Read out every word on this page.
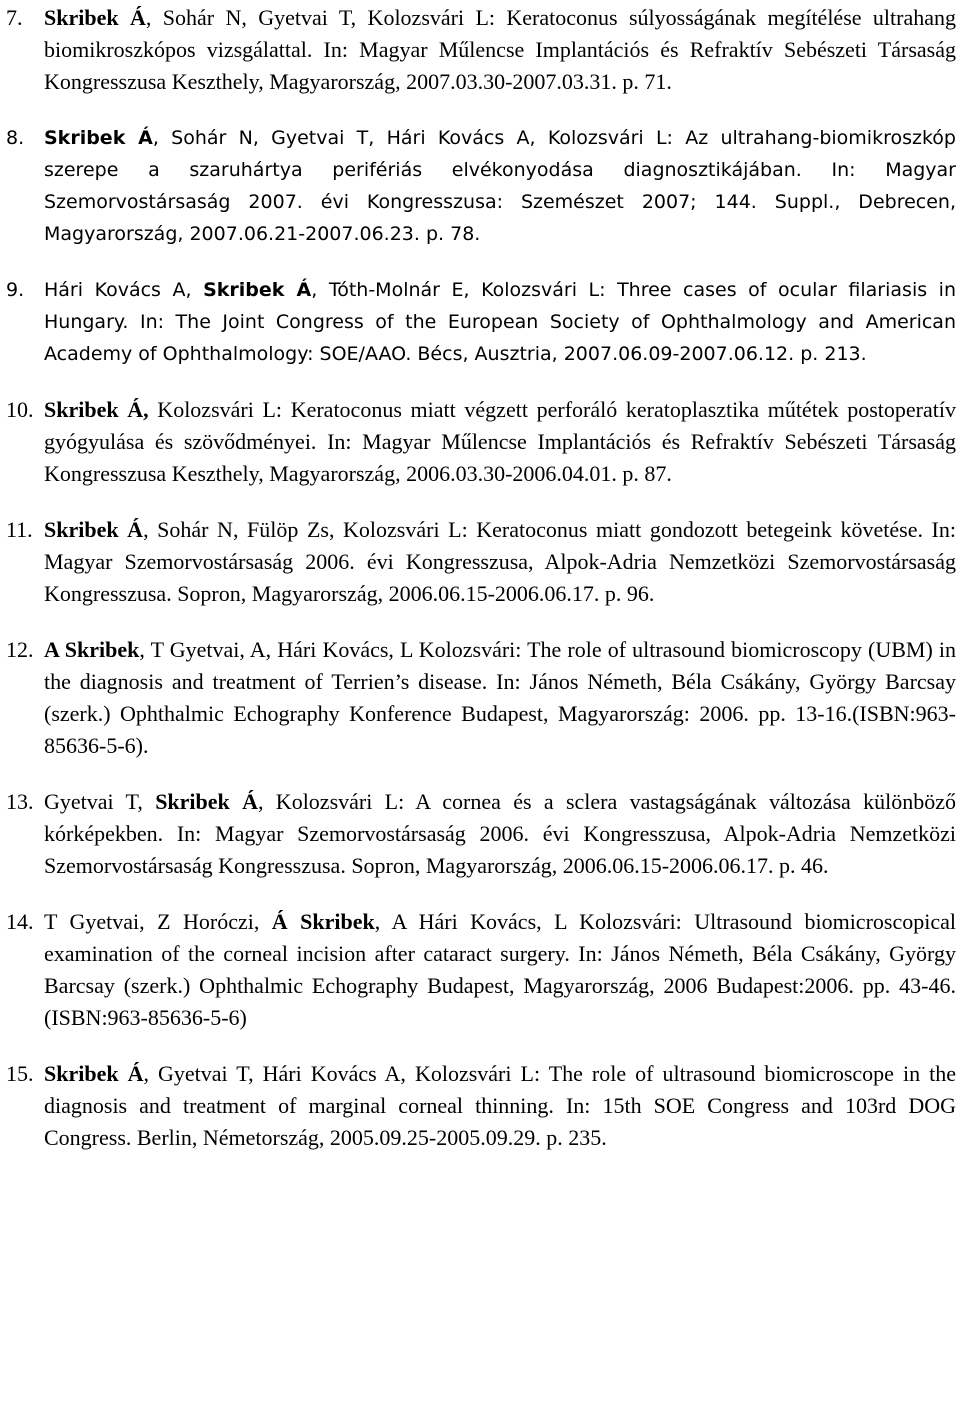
7. Skribek Á, Sohár N, Gyetvai T, Kolozsvári L: Keratoconus súlyosságának megítélése ultrahang biomikroszkópos vizsgálattal. In: Magyar Műlencse Implantációs és Refraktív Sebészeti Társaság Kongresszusa Keszthely, Magyarország, 2007.03.30-2007.03.31. p. 71.
8. Skribek Á, Sohár N, Gyetvai T, Hári Kovács A, Kolozsvári L: Az ultrahang-biomikroszkóp szerepe a szaruhártya perifériás elvékonyodása diagnosztikájában. In: Magyar Szemorvostársaság 2007. évi Kongresszusa: Szemészet 2007; 144. Suppl., Debrecen, Magyarország, 2007.06.21-2007.06.23. p. 78.
9. Hári Kovács A, Skribek Á, Tóth-Molnár E, Kolozsvári L: Three cases of ocular filariasis in Hungary. In: The Joint Congress of the European Society of Ophthalmology and American Academy of Ophthalmology: SOE/AAO. Bécs, Ausztria, 2007.06.09-2007.06.12. p. 213.
10. Skribek Á, Kolozsvári L: Keratoconus miatt végzett perforáló keratoplasztika műtétek postoperatív gyógyulása és szövődményei. In: Magyar Műlencse Implantációs és Refraktív Sebészeti Társaság Kongresszusa Keszthely, Magyarország, 2006.03.30-2006.04.01. p. 87.
11. Skribek Á, Sohár N, Fülöp Zs, Kolozsvári L: Keratoconus miatt gondozott betegeink követése. In: Magyar Szemorvostársaság 2006. évi Kongresszusa, Alpok-Adria Nemzetközi Szemorvostársaság Kongresszusa. Sopron, Magyarország, 2006.06.15-2006.06.17. p. 96.
12. A Skribek, T Gyetvai, A, Hári Kovács, L Kolozsvári: The role of ultrasound biomicroscopy (UBM) in the diagnosis and treatment of Terrien’s disease. In: János Németh, Béla Csákány, György Barcsay (szerk.) Ophthalmic Echography Konference Budapest, Magyarország: 2006. pp. 13-16.(ISBN:963-85636-5-6).
13. Gyetvai T, Skribek Á, Kolozsvári L: A cornea és a sclera vastagságának változása különböző kórképekben. In: Magyar Szemorvostársaság 2006. évi Kongresszusa, Alpok-Adria Nemzetközi Szemorvostársaság Kongresszusa. Sopron, Magyarország, 2006.06.15-2006.06.17. p. 46.
14. T Gyetvai, Z Horóczi, Á Skribek, A Hári Kovács, L Kolozsvári: Ultrasound biomicroscopical examination of the corneal incision after cataract surgery. In: János Németh, Béla Csákány, György Barcsay (szerk.) Ophthalmic Echography Budapest, Magyarország, 2006 Budapest:2006. pp. 43-46. (ISBN:963-85636-5-6)
15. Skribek Á, Gyetvai T, Hári Kovács A, Kolozsvári L: The role of ultrasound biomicroscope in the diagnosis and treatment of marginal corneal thinning. In: 15th SOE Congress and 103rd DOG Congress. Berlin, Németország, 2005.09.25-2005.09.29. p. 235.
